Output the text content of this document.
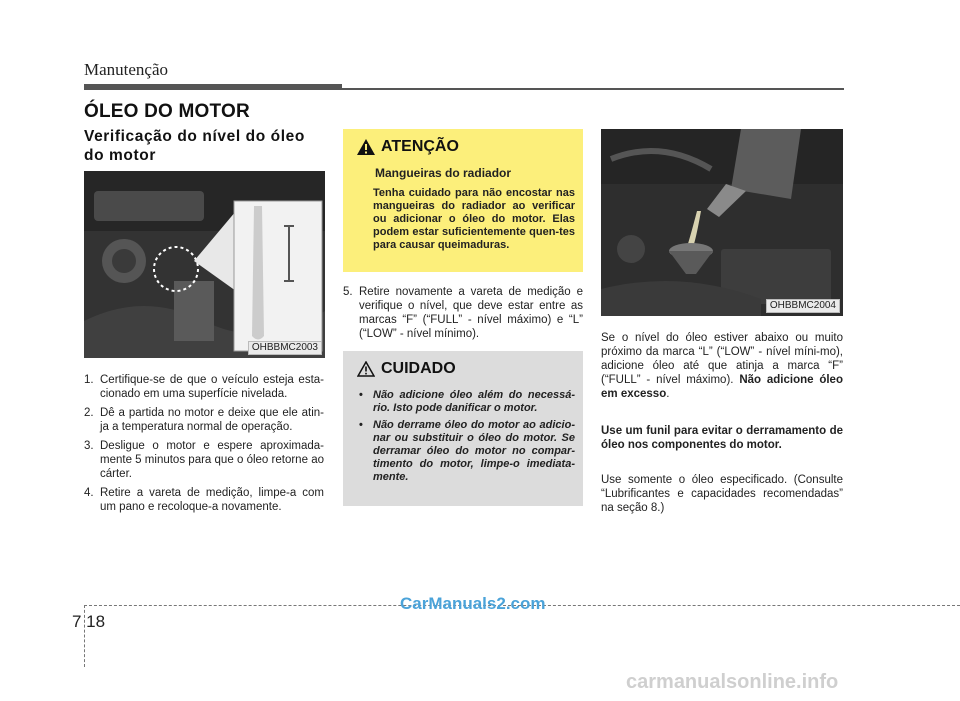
Manutenção
ÓLEO DO MOTOR
Verificação do nível do óleo do motor
OHBBMC2003
1. Certifique-se de que o veículo esteja esta-cionado em uma superfície nivelada.
2. Dê a partida no motor e deixe que ele atin-ja a temperatura normal de operação.
3. Desligue o motor e espere aproximada-mente 5 minutos para que o óleo retorne ao cárter.
4. Retire a vareta de medição, limpe-a com um pano e recoloque-a novamente.
ATENÇÃO
Mangueiras do radiador
Tenha cuidado para não encostar nas mangueiras do radiador ao verificar ou adicionar o óleo do motor. Elas podem estar suficientemente quen-tes para causar queimaduras.
5. Retire novamente a vareta de medição e verifique o nível, que deve estar entre as marcas “F” (“FULL” - nível máximo) e “L” (“LOW” - nível mínimo).
CUIDADO
• Não adicione óleo além do necessá-rio. Isto pode danificar o motor.
• Não derrame óleo do motor ao adicio-nar ou substituir o óleo do motor. Se derramar óleo do motor no compar-timento do motor, limpe-o imediata-mente.
OHBBMC2004
Se o nível do óleo estiver abaixo ou muito próximo da marca “L” (“LOW” - nível míni-mo), adicione óleo até que atinja a marca “F” (“FULL” - nível máximo). Não adicione óleo em excesso.
Use um funil para evitar o derramamento de óleo nos componentes do motor.
Use somente o óleo especificado. (Consulte “Lubrificantes e capacidades recomendadas” na seção 8.)
7 18
CarManuals2.com
carmanualsonline.info
